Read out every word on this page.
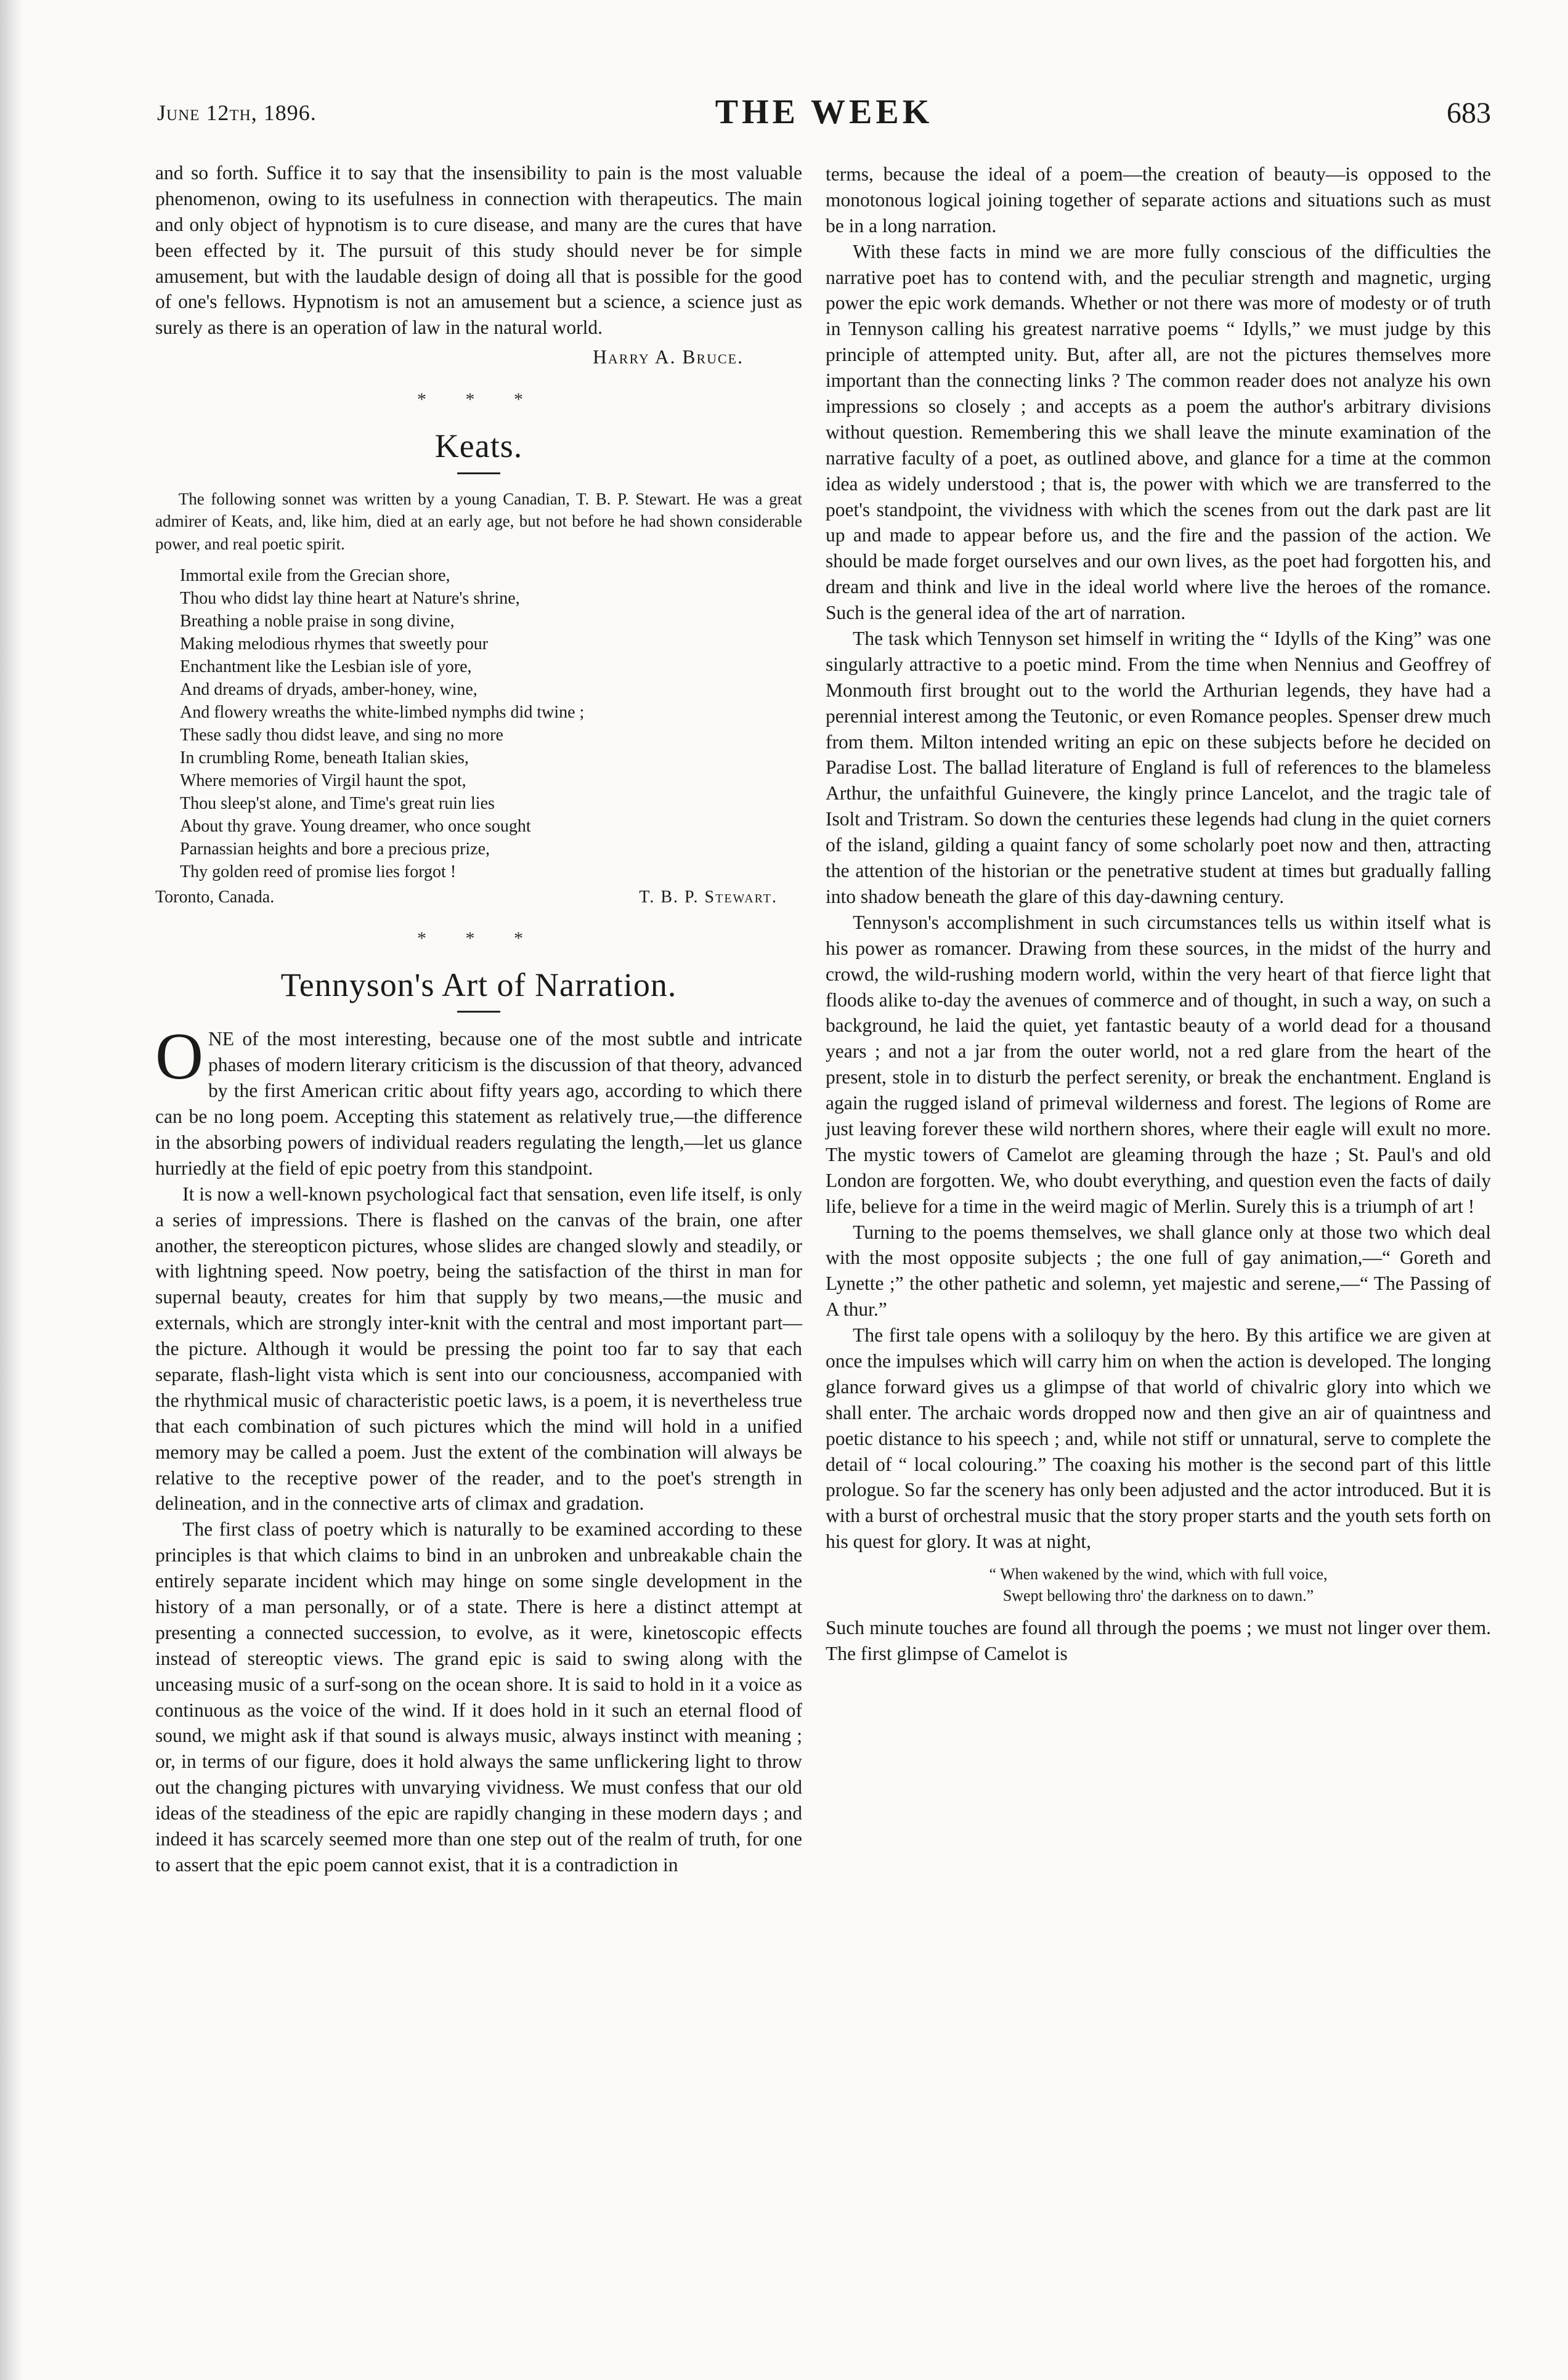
June 12th, 1896.	THE WEEK	683

and so forth. Suffice it to say that the insensibility to pain is the most valuable phenomenon, owing to its usefulness in connection with therapeutics. The main and only object of hypnotism is to cure disease, and many are the cures that have been effected by it. The pursuit of this study should never be for simple amusement, but with the laudable design of doing all that is possible for the good of one's fellows. Hypnotism is not an amusement but a science, a science just as surely as there is an operation of law in the natural world.

Harry A. Bruce.

* * *
Keats.

The following sonnet was written by a young Canadian, T. B. P. Stewart. He was a great admirer of Keats, and, like him, died at an early age, but not before he had shown considerable power, and real poetic spirit.

Immortal exile from the Grecian shore,
Thou who didst lay thine heart at Nature's shrine,
Breathing a noble praise in song divine,
Making melodious rhymes that sweetly pour
Enchantment like the Lesbian isle of yore,
And dreams of dryads, amber-honey, wine,
And flowery wreaths the white-limbed nymphs did twine ;
These sadly thou didst leave, and sing no more
In crumbling Rome, beneath Italian skies,
Where memories of Virgil haunt the spot,
Thou sleep'st alone, and Time's great ruin lies
About thy grave. Young dreamer, who once sought
Parnassian heights and bore a precious prize,
Thy golden reed of promise lies forgot !
Toronto, Canada.	T. B. P. Stewart.
* * *
Tennyson's Art of Narration.

ONE of the most interesting, because one of the most subtle and intricate phases of modern literary criticism is the discussion of that theory, advanced by the first American critic about fifty years ago, according to which there can be no long poem. Accepting this statement as relatively true,—the difference in the absorbing powers of individual readers regulating the length,—let us glance hurriedly at the field of epic poetry from this standpoint.

It is now a well-known psychological fact that sensation, even life itself, is only a series of impressions. There is flashed on the canvas of the brain, one after another, the stereopticon pictures, whose slides are changed slowly and steadily, or with lightning speed. Now poetry, being the satisfaction of the thirst in man for supernal beauty, creates for him that supply by two means,—the music and externals, which are strongly inter-knit with the central and most important part—the picture. Although it would be pressing the point too far to say that each separate, flash-light vista which is sent into our conciousness, accompanied with the rhythmical music of characteristic poetic laws, is a poem, it is nevertheless true that each combination of such pictures which the mind will hold in a unified memory may be called a poem. Just the extent of the combination will always be relative to the receptive power of the reader, and to the poet's strength in delineation, and in the connective arts of climax and gradation.

The first class of poetry which is naturally to be examined according to these principles is that which claims to bind in an unbroken and unbreakable chain the entirely separate incident which may hinge on some single development in the history of a man personally, or of a state. There is here a distinct attempt at presenting a connected succession, to evolve, as it were, kinetoscopic effects instead of stereoptic views. The grand epic is said to swing along with the unceasing music of a surf-song on the ocean shore. It is said to hold in it a voice as continuous as the voice of the wind. If it does hold in it such an eternal flood of sound, we might ask if that sound is always music, always instinct with meaning ; or, in terms of our figure, does it hold always the same unflickering light to throw out the changing pictures with unvarying vividness. We must confess that our old ideas of the steadiness of the epic are rapidly changing in these modern days ; and indeed it has scarcely seemed more than one step out of the realm of truth, for one to assert that the epic poem cannot exist, that it is a contradiction in

terms, because the ideal of a poem—the creation of beauty—is opposed to the monotonous logical joining together of separate actions and situations such as must be in a long narration.

With these facts in mind we are more fully conscious of the difficulties the narrative poet has to contend with, and the peculiar strength and magnetic, urging power the epic work demands. Whether or not there was more of modesty or of truth in Tennyson calling his greatest narrative poems “ Idylls,” we must judge by this principle of attempted unity. But, after all, are not the pictures themselves more important than the connecting links ? The common reader does not analyze his own impressions so closely ; and accepts as a poem the author's arbitrary divisions without question. Remembering this we shall leave the minute examination of the narrative faculty of a poet, as outlined above, and glance for a time at the common idea as widely understood ; that is, the power with which we are transferred to the poet's standpoint, the vividness with which the scenes from out the dark past are lit up and made to appear before us, and the fire and the passion of the action. We should be made forget ourselves and our own lives, as the poet had forgotten his, and dream and think and live in the ideal world where live the heroes of the romance. Such is the general idea of the art of narration.

The task which Tennyson set himself in writing the “ Idylls of the King” was one singularly attractive to a poetic mind. From the time when Nennius and Geoffrey of Monmouth first brought out to the world the Arthurian legends, they have had a perennial interest among the Teutonic, or even Romance peoples. Spenser drew much from them. Milton intended writing an epic on these subjects before he decided on Paradise Lost. The ballad literature of England is full of references to the blameless Arthur, the unfaithful Guinevere, the kingly prince Lancelot, and the tragic tale of Isolt and Tristram. So down the centuries these legends had clung in the quiet corners of the island, gilding a quaint fancy of some scholarly poet now and then, attracting the attention of the historian or the penetrative student at times but gradually falling into shadow beneath the glare of this day-dawning century.

Tennyson's accomplishment in such circumstances tells us within itself what is his power as romancer. Drawing from these sources, in the midst of the hurry and crowd, the wild-rushing modern world, within the very heart of that fierce light that floods alike to-day the avenues of commerce and of thought, in such a way, on such a background, he laid the quiet, yet fantastic beauty of a world dead for a thousand years ; and not a jar from the outer world, not a red glare from the heart of the present, stole in to disturb the perfect serenity, or break the enchantment. England is again the rugged island of primeval wilderness and forest. The legions of Rome are just leaving forever these wild northern shores, where their eagle will exult no more. The mystic towers of Camelot are gleaming through the haze ; St. Paul's and old London are forgotten. We, who doubt everything, and question even the facts of daily life, believe for a time in the weird magic of Merlin. Surely this is a triumph of art !

Turning to the poems themselves, we shall glance only at those two which deal with the most opposite subjects ; the one full of gay animation,—“ Goreth and Lynette ;” the other pathetic and solemn, yet majestic and serene,—“ The Passing of A thur.”

The first tale opens with a soliloquy by the hero. By this artifice we are given at once the impulses which will carry him on when the action is developed. The longing glance forward gives us a glimpse of that world of chivalric glory into which we shall enter. The archaic words dropped now and then give an air of quaintness and poetic distance to his speech ; and, while not stiff or unnatural, serve to complete the detail of “ local colouring.” The coaxing his mother is the second part of this little prologue. So far the scenery has only been adjusted and the actor introduced. But it is with a burst of orchestral music that the story proper starts and the youth sets forth on his quest for glory. It was at night,

“ When wakened by the wind, which with full voice,
Swept bellowing thro' the darkness on to dawn.”

Such minute touches are found all through the poems ; we must not linger over them. The first glimpse of Camelot is
